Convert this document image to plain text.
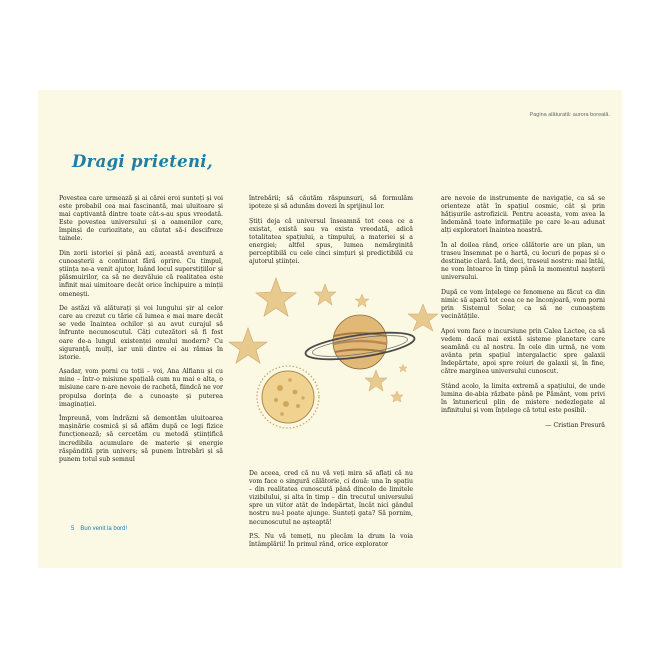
Pagina alăturată: aurora boreală.
Dragi prieteni,

Povestea care urmează și ai cărei eroi sunteți și voi este probabil cea mai fascinantă, mai uluitoare și mai captivantă dintre toate cât-s-au spus vreodată. Este povestea universului și a oamenilor care, împinși de curiozitate, au căutat să-i descifreze tainele.

Din zorii istoriei și până azi, această aventură a cunoașterii a continuat fără oprire. Cu timpul, știința ne-a venit ajutor, luând locul superstițiilor și plăsmuirilor, ca să ne dezvăluie că realitatea este infinit mai uimitoare decât orice închipuire a minții omenești.

De astăzi vă alăturați și voi lungului șir al celor care au crezut cu tărie că lumea e mai mare decât se vede înaintea ochilor și au avut curajul să înfrunte necunoscutul. Câți cutezători să fi fost oare de-a lungul existenței omului modern? Cu siguranță, mulți, iar unii dintre ei au rămas în istorie.

Așadar, vom porni cu toții – voi, Ana Alfianu și cu mine – într-o misiune spațială cum nu mai e alta, o misiune care n-are nevoie de rachetă, fiindcă ne vor propulsa dorința de a cunoaște și puterea imaginației.

Împreună, vom îndrăzni să demontăm uluitoarea mașinărie cosmică și să aflăm după ce legi fizice funcționează; să cercetăm cu metodă științifică incredibila acumulare de materie și energie răspândită prin univers; să punem întrebări și să punem totul sub semnul

întrebării; să căutăm răspunsuri, să formulăm ipoteze și să adunăm dovezi în sprijinul lor.

Știți deja că universul înseamnă tot ceea ce a existat, există sau va exista vreodată, adică totalitatea spațiului, a timpului, a materiei și a energiei; altfel spus, lumea nemărginită perceptibilă cu cele cinci simțuri și predictibilă cu ajutorul științei.

De aceea, cred că nu vă veți mira să aflați că nu vom face o singură călătorie, ci două: una în spațiu – din realitatea cunoscută până dincolo de limitele vizibilului, și alta în timp – din trecutul universului spre un viitor atât de îndepărtat, încât nici gândul nostru nu-l poate ajunge. Sunteți gata? Să pornim, necunoscutul ne așteaptă!

P.S. Nu vă temeți, nu plecăm la drum la voia întâmplării! În primul rând, orice explorator

are nevoie de instrumente de navigație, ca să se orienteze atât în spațiul cosmic, cât și prin hățișurile astrofizicii. Pentru aceasta, vom avea la îndemână toate informațiile pe care le-au adunat alți exploratori înaintea noastră.

În al doilea rând, orice călătorie are un plan, un traseu însemnat pe o hartă, cu locuri de popas și o destinație clară. Iată, deci, traseul nostru: mai întâi, ne vom întoarce în timp până la momentul nașterii universului.

După ce vom înțelege ce fenomene au făcut ca din nimic să apară tot ceea ce ne înconjoară, vom porni prin Sistemul Solar, ca să ne cunoaștem vecinătățile.

Apoi vom face o incursiune prin Calea Lactee, ca să vedem dacă mai există sisteme planetare care seamănă cu al nostru. În cele din urmă, ne vom avânta prin spațiul intergalactic spre galaxii îndepărtate, apoi spre roiuri de galaxii și, în fine, către marginea universului cunoscut.

Stând acolo, la limita extremă a spațiului, de unde lumina de-abia răzbate până pe Pământ, vom privi în întunericul plin de mistere nedezlegate al infinitului și vom înțelege că totul este posibil.

— Cristian Presură

5 Bun venit la bord!
